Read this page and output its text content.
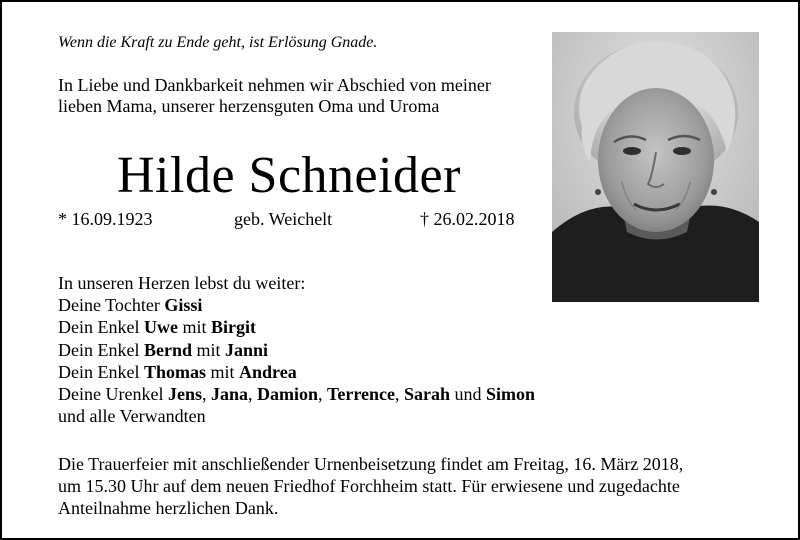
Wenn die Kraft zu Ende geht, ist Erlösung Gnade.
In Liebe und Dankbarkeit nehmen wir Abschied von meiner
lieben Mama, unserer herzensguten Oma und Uroma
Hilde Schneider
* 16.09.1923	geb. Weichelt	† 26.02.2018
In unseren Herzen lebst du weiter:
Deine Tochter Gissi
Dein Enkel Uwe mit Birgit
Dein Enkel Bernd mit Janni
Dein Enkel Thomas mit Andrea
Deine Urenkel Jens, Jana, Damion, Terrence, Sarah und Simon
und alle Verwandten
Die Trauerfeier mit anschließender Urnenbeisetzung findet am Freitag, 16. März 2018,
um 15.30 Uhr auf dem neuen Friedhof Forchheim statt. Für erwiesene und zugedachte
Anteilnahme herzlichen Dank.
